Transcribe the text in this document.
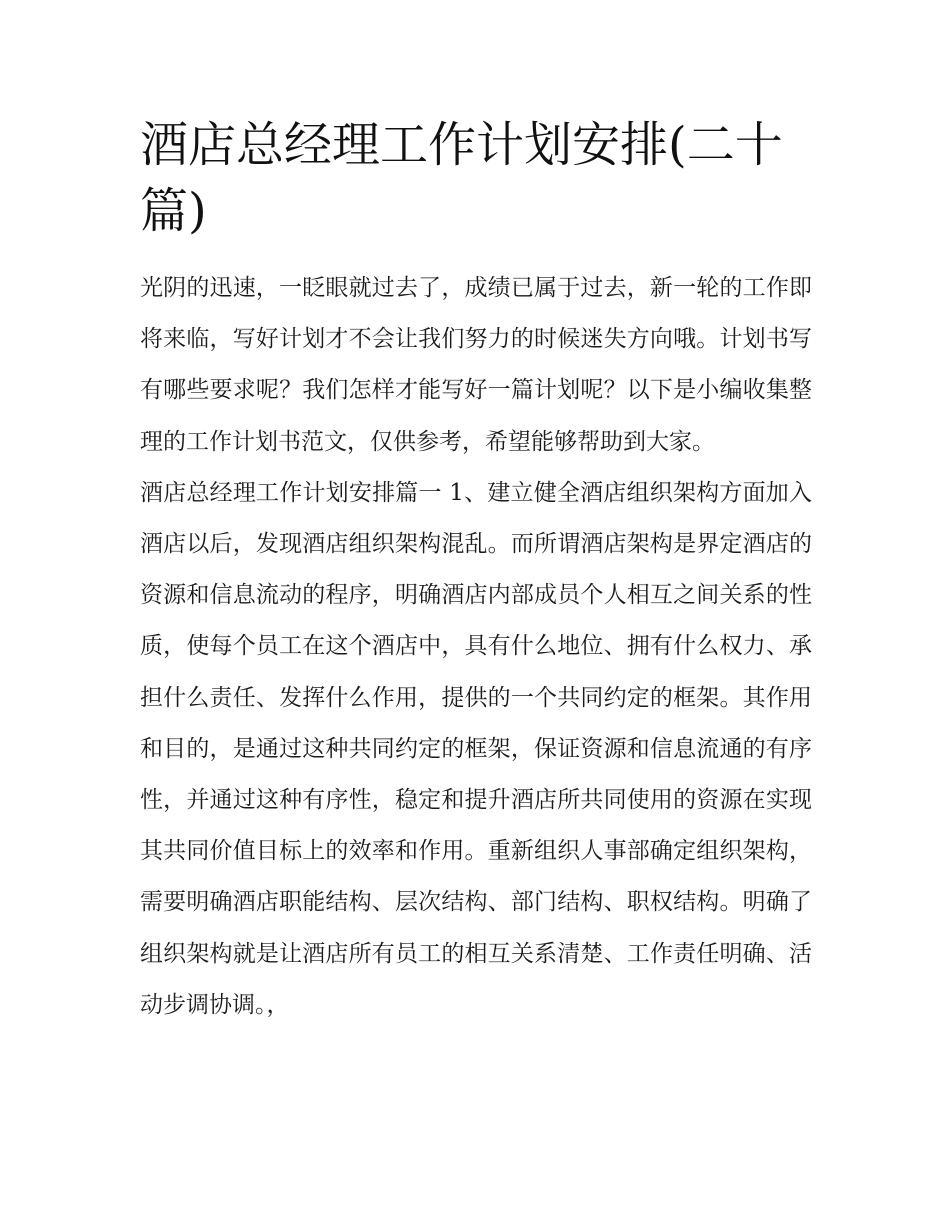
酒店总经理工作计划安排(二十篇)

光阴的迅速，一眨眼就过去了，成绩已属于过去，新一轮的工作即将来临，写好计划才不会让我们努力的时候迷失方向哦。计划书写有哪些要求呢？我们怎样才能写好一篇计划呢？以下是小编收集整理的工作计划书范文，仅供参考，希望能够帮助到大家。

酒店总经理工作计划安排篇一 1、建立健全酒店组织架构方面加入酒店以后，发现酒店组织架构混乱。而所谓酒店架构是界定酒店的资源和信息流动的程序，明确酒店内部成员个人相互之间关系的性质，使每个员工在这个酒店中，具有什么地位、拥有什么权力、承担什么责任、发挥什么作用，提供的一个共同约定的框架。其作用和目的，是通过这种共同约定的框架，保证资源和信息流通的有序性，并通过这种有序性，稳定和提升酒店所共同使用的资源在实现其共同价值目标上的效率和作用。重新组织人事部确定组织架构，需要明确酒店职能结构、层次结构、部门结构、职权结构。明确了组织架构就是让酒店所有员工的相互关系清楚、工作责任明确、活动步调协调。，
